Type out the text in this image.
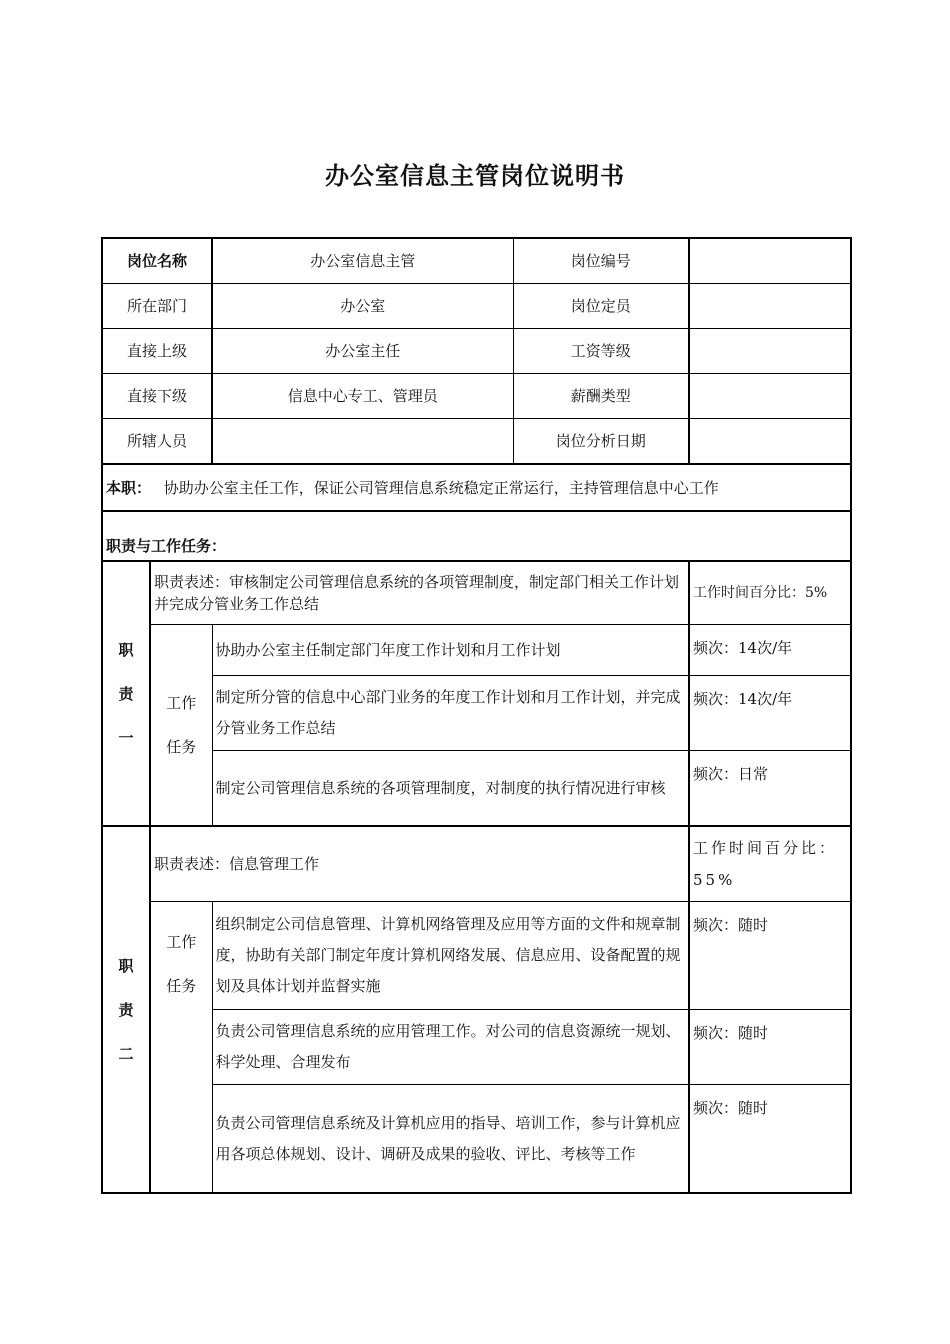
办公室信息主管岗位说明书
岗位名称		办公室信息主管	岗位编号	
所在部门		办公室	岗位定员	
直接上级		办公室主任	工资等级	
直接下级		信息中心专工、管理员	薪酬类型	
所辖人员			岗位分析日期	
本职： 协助办公室主任工作，保证公司管理信息系统稳定正常运行，主持管理信息中心工作				
职责与工作任务：				

职
责
一	职责表述：审核制定公司管理信息系统的各项管理制度，制定部门相关工作计划并完成分管业务工作总结			工作时间百分比：5%

	工作
任务	协助办公室主任制定部门年度工作计划和月工作计划		频次：14次/年
		制定所分管的信息中心部门业务的年度工作计划和月工作计划，并完成分管业务工作总结		频次：14次/年
		制定公司管理信息系统的各项管理制度，对制度的执行情况进行审核		频次：日常

职
责
二	职责表述：信息管理工作			工作时间百分比：55%

	工作
任务	组织制定公司信息管理、计算机网络管理及应用等方面的文件和规章制度，协助有关部门制定年度计算机网络发展、信息应用、设备配置的规划及具体计划并监督实施		频次：随时
		负责公司管理信息系统的应用管理工作。对公司的信息资源统一规划、科学处理、合理发布		频次：随时
		负责公司管理信息系统及计算机应用的指导、培训工作，参与计算机应用各项总体规划、设计、调研及成果的验收、评比、考核等工作		频次：随时
